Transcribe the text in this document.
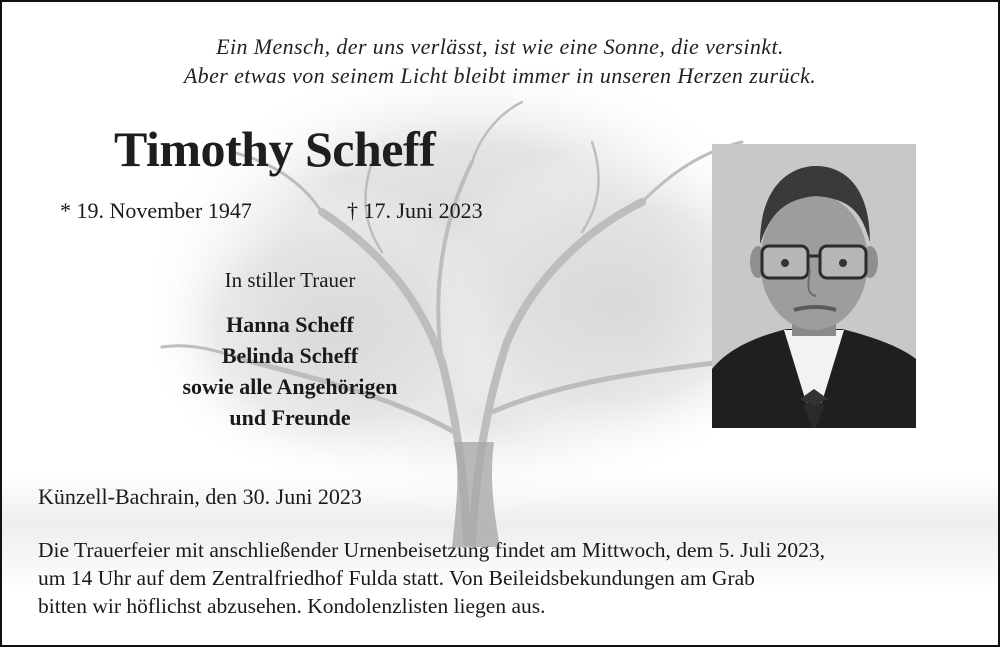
Ein Mensch, der uns verlässt, ist wie eine Sonne, die versinkt.
Aber etwas von seinem Licht bleibt immer in unseren Herzen zurück.
Timothy Scheff
* 19. November 1947	† 17. Juni 2023
In stiller Trauer
Hanna Scheff
Belinda Scheff
sowie alle Angehörigen
und Freunde
Künzell-Bachrain, den 30. Juni 2023
Die Trauerfeier mit anschließender Urnenbeisetzung findet am Mittwoch, dem 5. Juli 2023,
um 14 Uhr auf dem Zentralfriedhof Fulda statt. Von Beileidsbekundungen am Grab
bitten wir höflichst abzusehen. Kondolenzlisten liegen aus.
